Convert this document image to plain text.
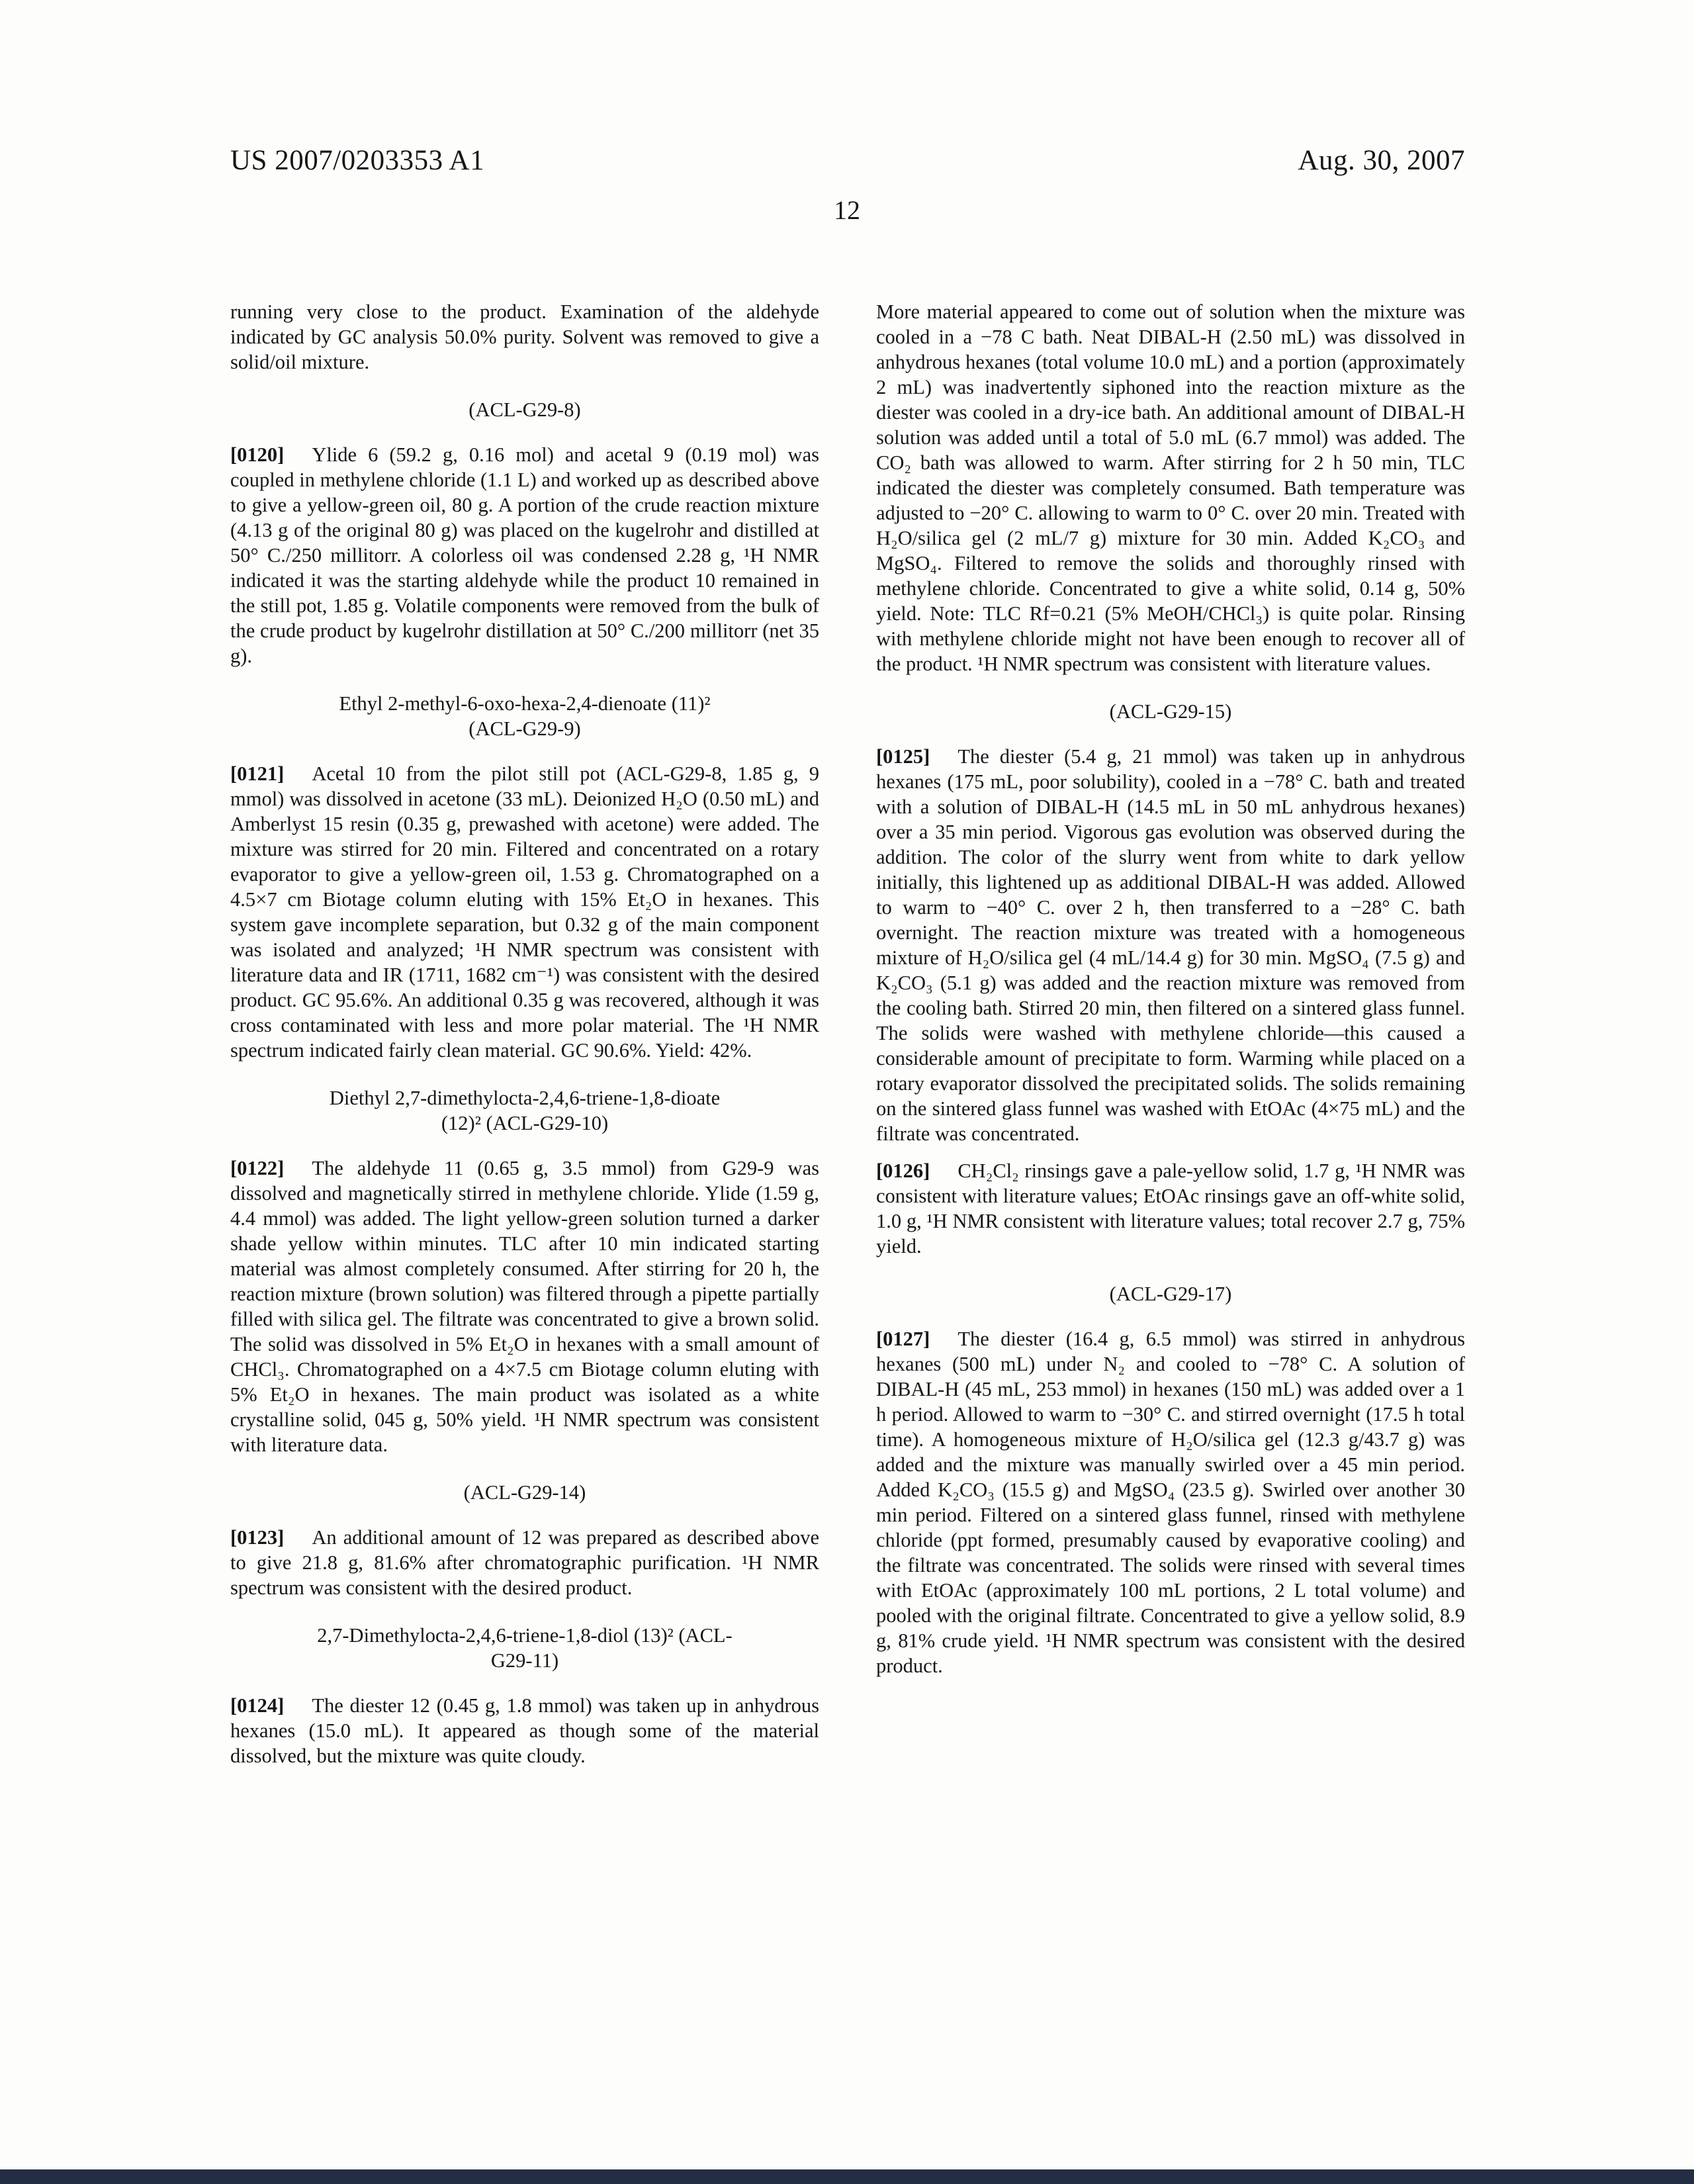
US 2007/0203353 A1	Aug. 30, 2007
12

running very close to the product. Examination of the aldehyde indicated by GC analysis 50.0% purity. Solvent was removed to give a solid/oil mixture.

(ACL-G29-8)

[0120] Ylide 6 (59.2 g, 0.16 mol) and acetal 9 (0.19 mol) was coupled in methylene chloride (1.1 L) and worked up as described above to give a yellow-green oil, 80 g. A portion of the crude reaction mixture (4.13 g of the original 80 g) was placed on the kugelrohr and distilled at 50° C./250 millitorr. A colorless oil was condensed 2.28 g, ¹H NMR indicated it was the starting aldehyde while the product 10 remained in the still pot, 1.85 g. Volatile components were removed from the bulk of the crude product by kugelrohr distillation at 50° C./200 millitorr (net 35 g).

Ethyl 2-methyl-6-oxo-hexa-2,4-dienoate (11)²
(ACL-G29-9)

[0121] Acetal 10 from the pilot still pot (ACL-G29-8, 1.85 g, 9 mmol) was dissolved in acetone (33 mL). Deionized H₂O (0.50 mL) and Amberlyst 15 resin (0.35 g, prewashed with acetone) were added. The mixture was stirred for 20 min. Filtered and concentrated on a rotary evaporator to give a yellow-green oil, 1.53 g. Chromatographed on a 4.5×7 cm Biotage column eluting with 15% Et₂O in hexanes. This system gave incomplete separation, but 0.32 g of the main component was isolated and analyzed; ¹H NMR spectrum was consistent with literature data and IR (1711, 1682 cm⁻¹) was consistent with the desired product. GC 95.6%. An additional 0.35 g was recovered, although it was cross contaminated with less and more polar material. The ¹H NMR spectrum indicated fairly clean material. GC 90.6%. Yield: 42%.

Diethyl 2,7-dimethylocta-2,4,6-triene-1,8-dioate
(12)² (ACL-G29-10)

[0122] The aldehyde 11 (0.65 g, 3.5 mmol) from G29-9 was dissolved and magnetically stirred in methylene chloride. Ylide (1.59 g, 4.4 mmol) was added. The light yellow-green solution turned a darker shade yellow within minutes. TLC after 10 min indicated starting material was almost completely consumed. After stirring for 20 h, the reaction mixture (brown solution) was filtered through a pipette partially filled with silica gel. The filtrate was concentrated to give a brown solid. The solid was dissolved in 5% Et₂O in hexanes with a small amount of CHCl₃. Chromatographed on a 4×7.5 cm Biotage column eluting with 5% Et₂O in hexanes. The main product was isolated as a white crystalline solid, 045 g, 50% yield. ¹H NMR spectrum was consistent with literature data.

(ACL-G29-14)

[0123] An additional amount of 12 was prepared as described above to give 21.8 g, 81.6% after chromatographic purification. ¹H NMR spectrum was consistent with the desired product.

2,7-Dimethylocta-2,4,6-triene-1,8-diol (13)² (ACL-
G29-11)

[0124] The diester 12 (0.45 g, 1.8 mmol) was taken up in anhydrous hexanes (15.0 mL). It appeared as though some of the material dissolved, but the mixture was quite cloudy.

More material appeared to come out of solution when the mixture was cooled in a −78 C bath. Neat DIBAL-H (2.50 mL) was dissolved in anhydrous hexanes (total volume 10.0 mL) and a portion (approximately 2 mL) was inadvertently siphoned into the reaction mixture as the diester was cooled in a dry-ice bath. An additional amount of DIBAL-H solution was added until a total of 5.0 mL (6.7 mmol) was added. The CO₂ bath was allowed to warm. After stirring for 2 h 50 min, TLC indicated the diester was completely consumed. Bath temperature was adjusted to −20° C. allowing to warm to 0° C. over 20 min. Treated with H₂O/silica gel (2 mL/7 g) mixture for 30 min. Added K₂CO₃ and MgSO₄. Filtered to remove the solids and thoroughly rinsed with methylene chloride. Concentrated to give a white solid, 0.14 g, 50% yield. Note: TLC Rf=0.21 (5% MeOH/CHCl₃) is quite polar. Rinsing with methylene chloride might not have been enough to recover all of the product. ¹H NMR spectrum was consistent with literature values.

(ACL-G29-15)

[0125] The diester (5.4 g, 21 mmol) was taken up in anhydrous hexanes (175 mL, poor solubility), cooled in a −78° C. bath and treated with a solution of DIBAL-H (14.5 mL in 50 mL anhydrous hexanes) over a 35 min period. Vigorous gas evolution was observed during the addition. The color of the slurry went from white to dark yellow initially, this lightened up as additional DIBAL-H was added. Allowed to warm to −40° C. over 2 h, then transferred to a −28° C. bath overnight. The reaction mixture was treated with a homogeneous mixture of H₂O/silica gel (4 mL/14.4 g) for 30 min. MgSO₄ (7.5 g) and K₂CO₃ (5.1 g) was added and the reaction mixture was removed from the cooling bath. Stirred 20 min, then filtered on a sintered glass funnel. The solids were washed with methylene chloride—this caused a considerable amount of precipitate to form. Warming while placed on a rotary evaporator dissolved the precipitated solids. The solids remaining on the sintered glass funnel was washed with EtOAc (4×75 mL) and the filtrate was concentrated.

[0126] CH₂Cl₂ rinsings gave a pale-yellow solid, 1.7 g, ¹H NMR was consistent with literature values; EtOAc rinsings gave an off-white solid, 1.0 g, ¹H NMR consistent with literature values; total recover 2.7 g, 75% yield.

(ACL-G29-17)

[0127] The diester (16.4 g, 6.5 mmol) was stirred in anhydrous hexanes (500 mL) under N₂ and cooled to −78° C. A solution of DIBAL-H (45 mL, 253 mmol) in hexanes (150 mL) was added over a 1 h period. Allowed to warm to −30° C. and stirred overnight (17.5 h total time). A homogeneous mixture of H₂O/silica gel (12.3 g/43.7 g) was added and the mixture was manually swirled over a 45 min period. Added K₂CO₃ (15.5 g) and MgSO₄ (23.5 g). Swirled over another 30 min period. Filtered on a sintered glass funnel, rinsed with methylene chloride (ppt formed, presumably caused by evaporative cooling) and the filtrate was concentrated. The solids were rinsed with several times with EtOAc (approximately 100 mL portions, 2 L total volume) and pooled with the original filtrate. Concentrated to give a yellow solid, 8.9 g, 81% crude yield. ¹H NMR spectrum was consistent with the desired product.
